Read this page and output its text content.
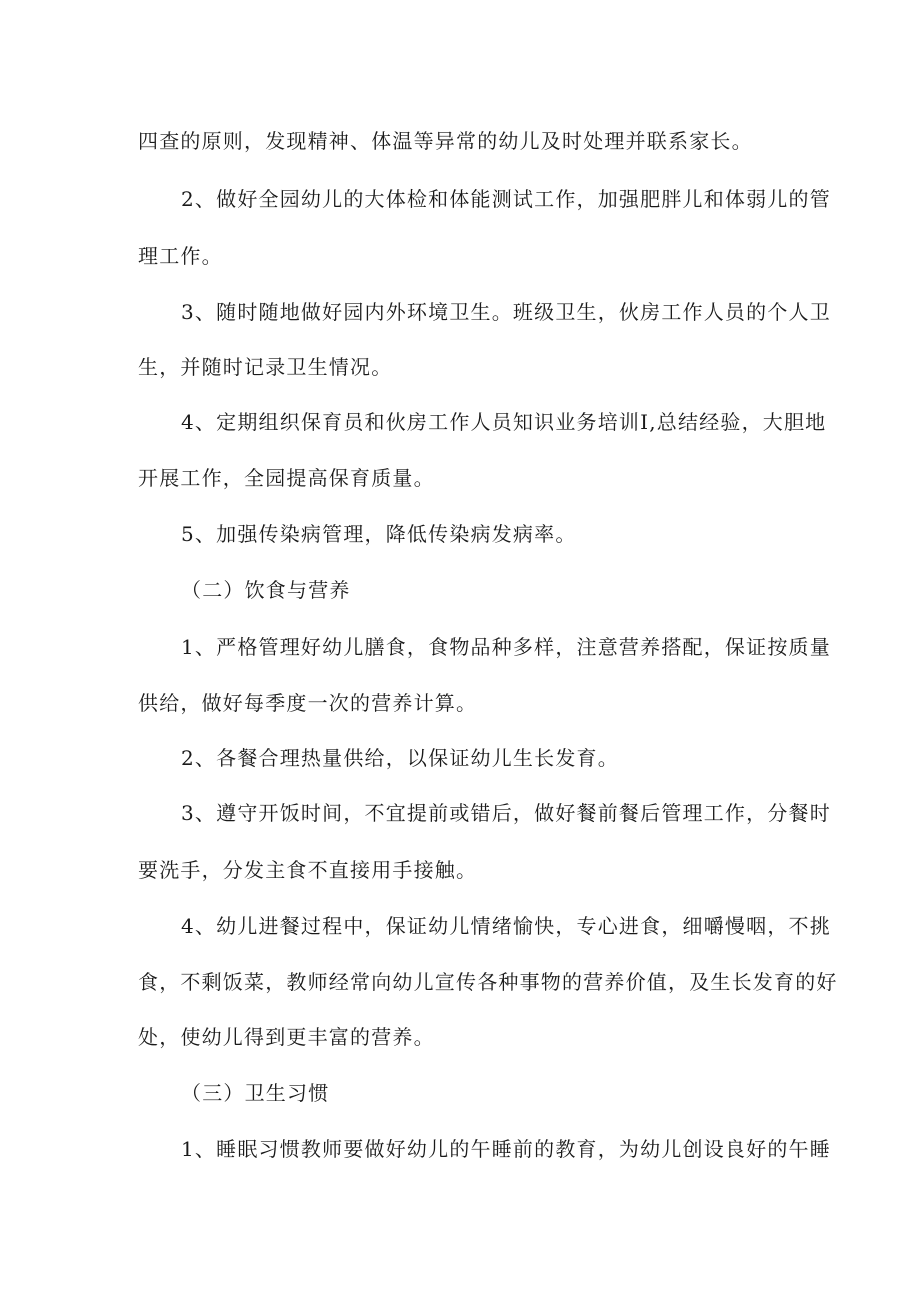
四查的原则，发现精神、体温等异常的幼儿及时处理并联系家长。
2、做好全园幼儿的大体检和体能测试工作，加强肥胖儿和体弱儿的管
理工作。
3、随时随地做好园内外环境卫生。班级卫生，伙房工作人员的个人卫
生，并随时记录卫生情况。
4、定期组织保育员和伙房工作人员知识业务培训I,总结经验，大胆地
开展工作，全园提高保育质量。
5、加强传染病管理，降低传染病发病率。
（二）饮食与营养
1、严格管理好幼儿膳食，食物品种多样，注意营养搭配，保证按质量
供给，做好每季度一次的营养计算。
2、各餐合理热量供给，以保证幼儿生长发育。
3、遵守开饭时间，不宜提前或错后，做好餐前餐后管理工作，分餐时
要洗手，分发主食不直接用手接触。
4、幼儿进餐过程中，保证幼儿情绪愉快，专心进食，细嚼慢咽，不挑
食，不剩饭菜，教师经常向幼儿宣传各种事物的营养价值，及生长发育的好
处，使幼儿得到更丰富的营养。
（三）卫生习惯
1、睡眠习惯教师要做好幼儿的午睡前的教育，为幼儿创设良好的午睡
